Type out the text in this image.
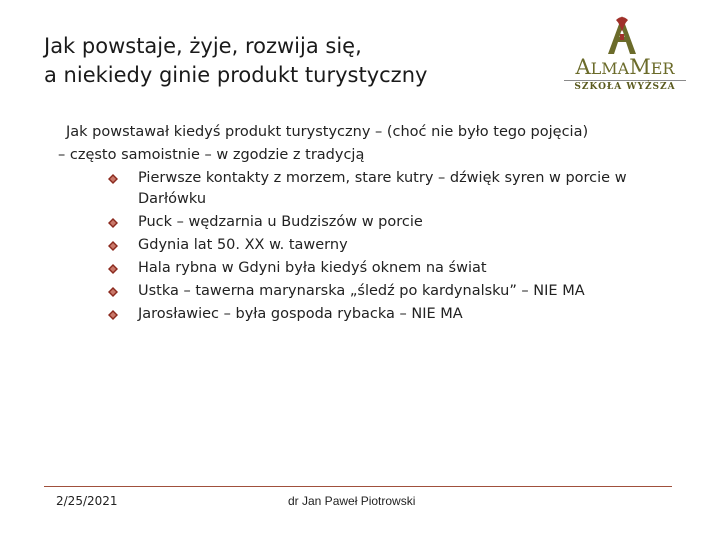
Jak powstaje, żyje, rozwija się,
a niekiedy ginie produkt turystyczny	ALMAMER
SZKOŁA WYŻSZA
Jak powstawał kiedyś produkt turystyczny – (choć nie było tego pojęcia)
– często samoistnie – w zgodzie z tradycją
Pierwsze kontakty z morzem, stare kutry – dźwięk syren w porcie w Darłówku
Puck – wędzarnia u Budziszów w porcie
Gdynia lat 50. XX w. tawerny
Hala rybna w Gdyni była kiedyś oknem na świat
Ustka – tawerna marynarska „śledź po kardynalsku” – NIE MA
Jarosławiec – była gospoda rybacka – NIE MA
2/25/2021	dr Jan Paweł Piotrowski
